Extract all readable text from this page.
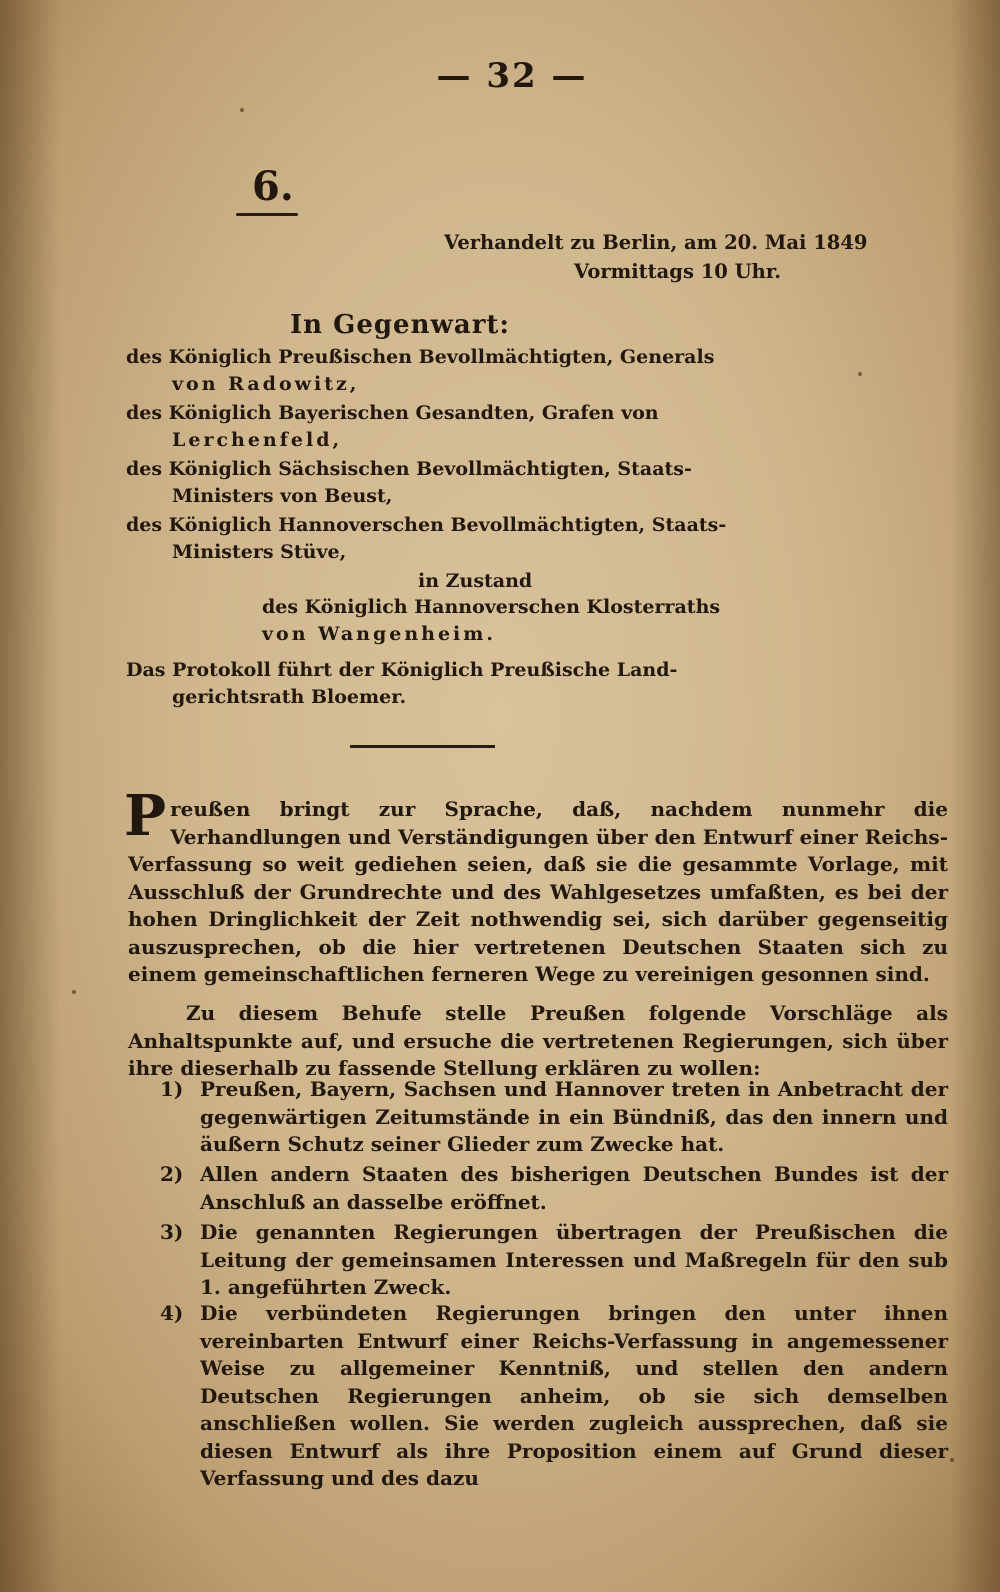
— 32 —
6.
Verhandelt zu Berlin, am 20. Mai 1849
Vormittags 10 Uhr.
In Gegenwart:
des Königlich Preußischen Bevollmächtigten, Generals
von Radowitz,
des Königlich Bayerischen Gesandten, Grafen von
Lerchenfeld,
des Königlich Sächsischen Bevollmächtigten, Staats-
Ministers von Beust,
des Königlich Hannoverschen Bevollmächtigten, Staats-
Ministers Stüve,
in Zustand
des Königlich Hannoverschen Klosterraths
von Wangenheim.
Das Protokoll führt der Königlich Preußische Land-
gerichtsrath Bloemer.

Preußen bringt zur Sprache, daß, nachdem nunmehr die Verhandlungen und Verständigungen über den Entwurf einer Reichs-Verfassung so weit gediehen seien, daß sie die gesammte Vorlage, mit Ausschluß der Grundrechte und des Wahlgesetzes umfaßten, es bei der hohen Dringlichkeit der Zeit nothwendig sei, sich darüber gegenseitig auszusprechen, ob die hier vertretenen Deutschen Staaten sich zu einem gemeinschaftlichen ferneren Wege zu vereinigen gesonnen sind.

Zu diesem Behufe stelle Preußen folgende Vorschläge als Anhaltspunkte auf, und ersuche die vertretenen Regierungen, sich über ihre dieserhalb zu fassende Stellung erklären zu wollen:

1) Preußen, Bayern, Sachsen und Hannover treten in Anbetracht der gegenwärtigen Zeitumstände in ein Bündniß, das den innern und äußern Schutz seiner Glieder zum Zwecke hat.
2) Allen andern Staaten des bisherigen Deutschen Bundes ist der Anschluß an dasselbe eröffnet.
3) Die genannten Regierungen übertragen der Preußischen die Leitung der gemeinsamen Interessen und Maßregeln für den sub 1. angeführten Zweck.
4) Die verbündeten Regierungen bringen den unter ihnen vereinbarten Entwurf einer Reichs-Verfassung in angemessener Weise zu allgemeiner Kenntniß, und stellen den andern Deutschen Regierungen anheim, ob sie sich demselben anschließen wollen. Sie werden zugleich aussprechen, daß sie diesen Entwurf als ihre Proposition einem auf Grund dieser Verfassung und des dazu
